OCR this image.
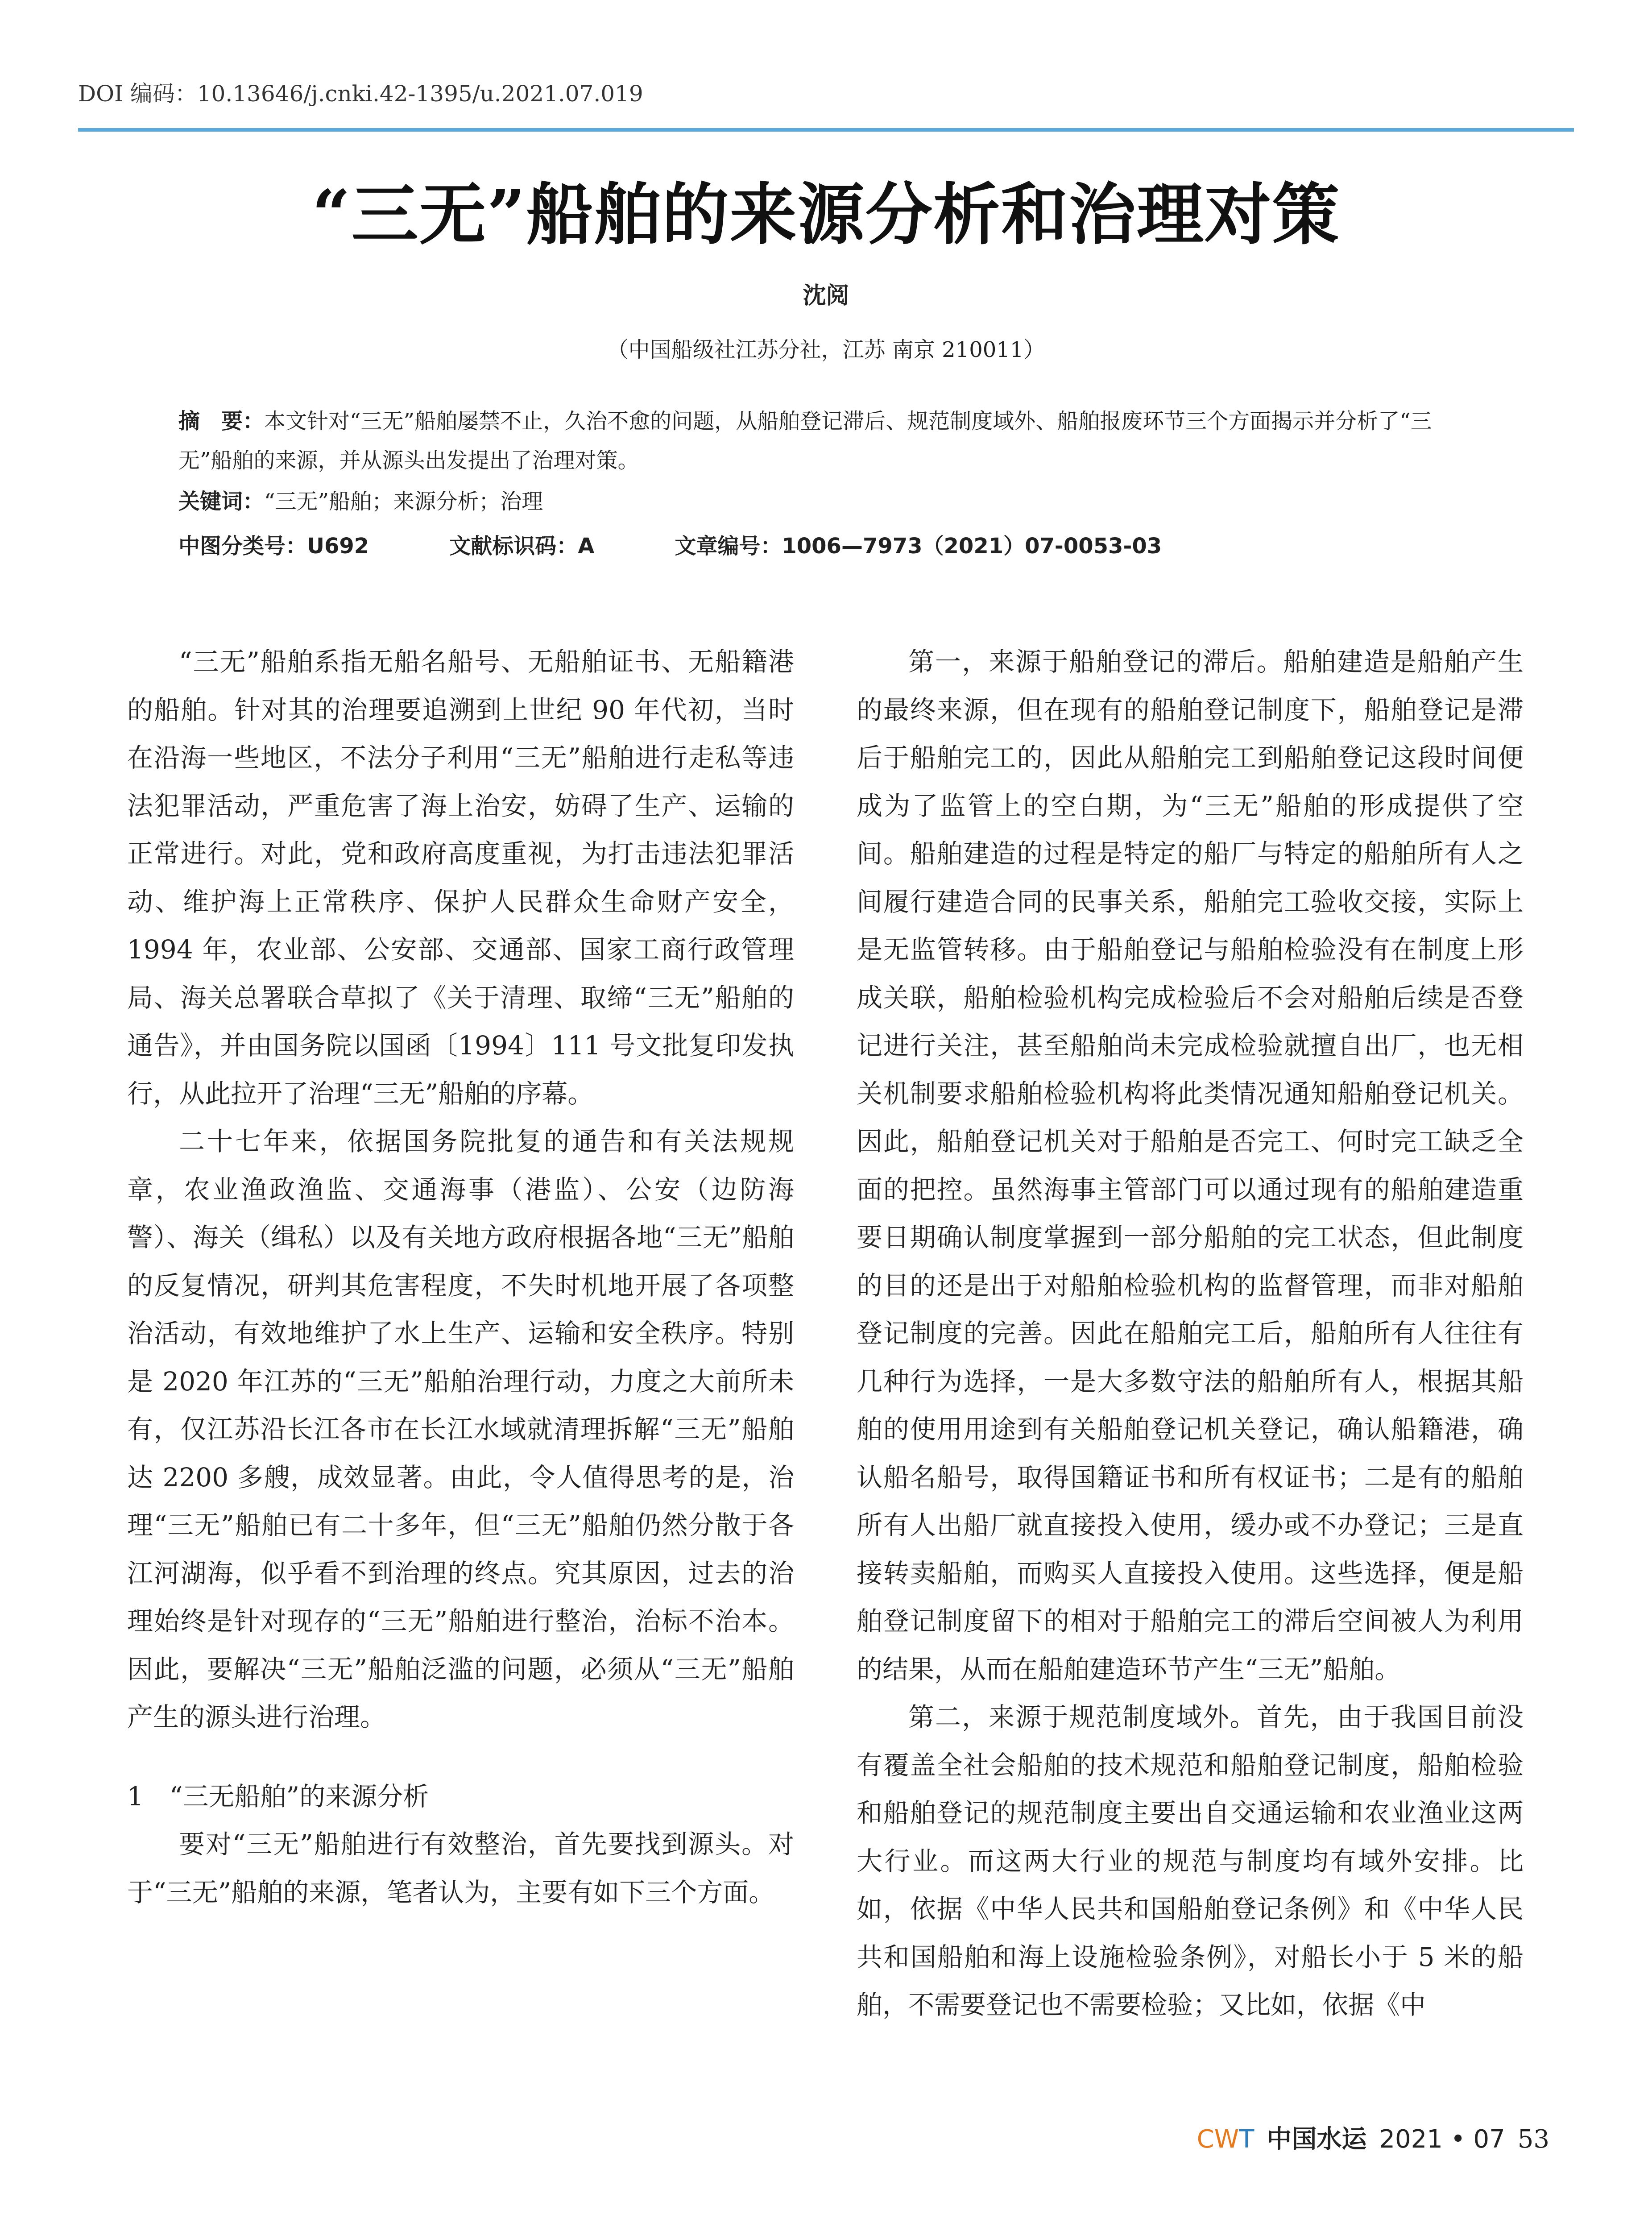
DOI 编码：10.13646/j.cnki.42-1395/u.2021.07.019
“三无”船舶的来源分析和治理对策
沈阅
（中国船级社江苏分社，江苏 南京 210011）
摘　要：本文针对“三无”船舶屡禁不止，久治不愈的问题，从船舶登记滞后、规范制度域外、船舶报废环节三个方面揭示并分析了“三无”船舶的来源，并从源头出发提出了治理对策。
关键词：“三无”船舶；来源分析；治理
中图分类号：U692	文献标识码：A	文章编号：1006—7973（2021）07-0053-03

“三无”船舶系指无船名船号、无船舶证书、无船籍港的船舶。针对其的治理要追溯到上世纪 90 年代初，当时在沿海一些地区，不法分子利用“三无”船舶进行走私等违法犯罪活动，严重危害了海上治安，妨碍了生产、运输的正常进行。对此，党和政府高度重视，为打击违法犯罪活动、维护海上正常秩序、保护人民群众生命财产安全，1994 年，农业部、公安部、交通部、国家工商行政管理局、海关总署联合草拟了《关于清理、取缔“三无”船舶的通告》，并由国务院以国函〔1994〕111 号文批复印发执行，从此拉开了治理“三无”船舶的序幕。

二十七年来，依据国务院批复的通告和有关法规规章，农业渔政渔监、交通海事（港监）、公安（边防海警）、海关（缉私）以及有关地方政府根据各地“三无”船舶的反复情况，研判其危害程度，不失时机地开展了各项整治活动，有效地维护了水上生产、运输和安全秩序。特别是 2020 年江苏的“三无”船舶治理行动，力度之大前所未有，仅江苏沿长江各市在长江水域就清理拆解“三无”船舶达 2200 多艘，成效显著。由此，令人值得思考的是，治理“三无”船舶已有二十多年，但“三无”船舶仍然分散于各江河湖海，似乎看不到治理的终点。究其原因，过去的治理始终是针对现存的“三无”船舶进行整治，治标不治本。因此，要解决“三无”船舶泛滥的问题，必须从“三无”船舶产生的源头进行治理。

1　“三无船舶”的来源分析

要对“三无”船舶进行有效整治，首先要找到源头。对于“三无”船舶的来源，笔者认为，主要有如下三个方面。

第一，来源于船舶登记的滞后。船舶建造是船舶产生的最终来源，但在现有的船舶登记制度下，船舶登记是滞后于船舶完工的，因此从船舶完工到船舶登记这段时间便成为了监管上的空白期，为“三无”船舶的形成提供了空间。船舶建造的过程是特定的船厂与特定的船舶所有人之间履行建造合同的民事关系，船舶完工验收交接，实际上是无监管转移。由于船舶登记与船舶检验没有在制度上形成关联，船舶检验机构完成检验后不会对船舶后续是否登记进行关注，甚至船舶尚未完成检验就擅自出厂，也无相关机制要求船舶检验机构将此类情况通知船舶登记机关。因此，船舶登记机关对于船舶是否完工、何时完工缺乏全面的把控。虽然海事主管部门可以通过现有的船舶建造重要日期确认制度掌握到一部分船舶的完工状态，但此制度的目的还是出于对船舶检验机构的监督管理，而非对船舶登记制度的完善。因此在船舶完工后，船舶所有人往往有几种行为选择，一是大多数守法的船舶所有人，根据其船舶的使用用途到有关船舶登记机关登记，确认船籍港，确认船名船号，取得国籍证书和所有权证书；二是有的船舶所有人出船厂就直接投入使用，缓办或不办登记；三是直接转卖船舶，而购买人直接投入使用。这些选择，便是船舶登记制度留下的相对于船舶完工的滞后空间被人为利用的结果，从而在船舶建造环节产生“三无”船舶。

第二，来源于规范制度域外。首先，由于我国目前没有覆盖全社会船舶的技术规范和船舶登记制度，船舶检验和船舶登记的规范制度主要出自交通运输和农业渔业这两大行业。而这两大行业的规范与制度均有域外安排。比如，依据《中华人民共和国船舶登记条例》和《中华人民共和国船舶和海上设施检验条例》，对船长小于 5 米的船舶，不需要登记也不需要检验；又比如，依据《中

CWT 中国水运 2021 • 07 53
